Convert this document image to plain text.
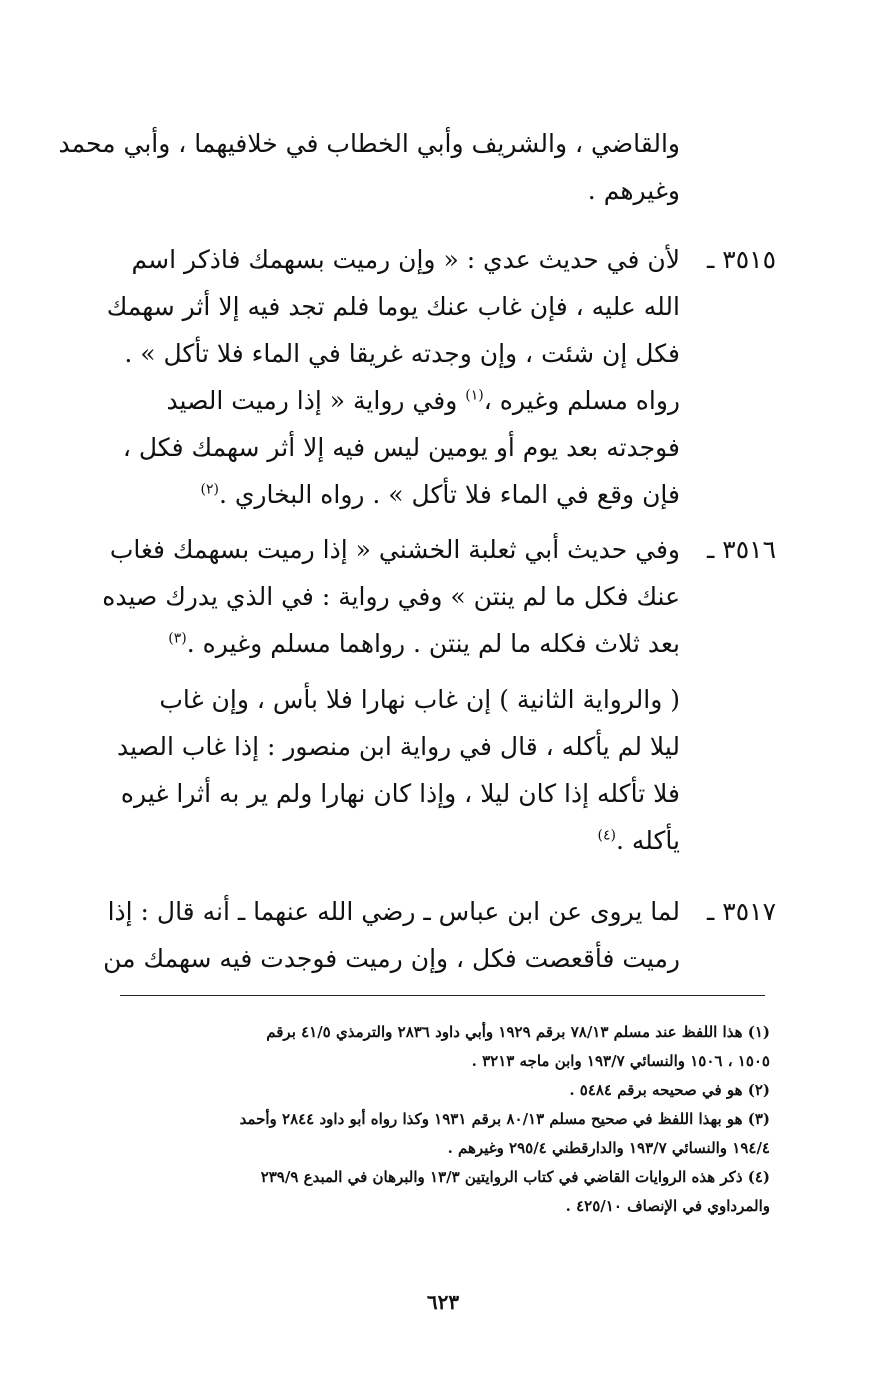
والقاضي ، والشريف وأبي الخطاب في خلافيهما ، وأبي محمد
وغيرهم .
٣٥١٥ ـ
لأن في حديث عدي : « وإن رميت بسهمك فاذكر اسم
الله عليه ، فإن غاب عنك يوما فلم تجد فيه إلا أثر سهمك
فكل إن شئت ، وإن وجدته غريقا في الماء فلا تأكل » .
رواه مسلم وغيره ،$^{(١)}$ وفي رواية « إذا رميت الصيد
فوجدته بعد يوم أو يومين ليس فيه إلا أثر سهمك فكل ،
فإن وقع في الماء فلا تأكل » . رواه البخاري .$^{(٢)}$
٣٥١٦ ـ
وفي حديث أبي ثعلبة الخشني « إذا رميت بسهمك فغاب
عنك فكل ما لم ينتن » وفي رواية : في الذي يدرك صيده
بعد ثلاث فكله ما لم ينتن . رواهما مسلم وغيره .$^{(٣)}$
( والرواية الثانية ) إن غاب نهارا فلا بأس ، وإن غاب
ليلا لم يأكله ، قال في رواية ابن منصور : إذا غاب الصيد
فلا تأكله إذا كان ليلا ، وإذا كان نهارا ولم ير به أثرا غيره
يأكله .$^{(٤)}$
٣٥١٧ ـ
لما يروى عن ابن عباس ـ رضي الله عنهما ـ أنه قال : إذا
رميت فأقعصت فكل ، وإن رميت فوجدت فيه سهمك من
(١) هذا اللفظ عند مسلم ٧٨/١٣ برقم ١٩٢٩ وأبي داود ٢٨٣٦ والترمذي ٤١/٥ برقم
١٥٠٥ ، ١٥٠٦ والنسائي ١٩٣/٧ وابن ماجه ٣٢١٣ .
(٢) هو في صحيحه برقم ٥٤٨٤ .
(٣) هو بهذا اللفظ في صحيح مسلم ٨٠/١٣ برقم ١٩٣١ وكذا رواه أبو داود ٢٨٤٤ وأحمد
١٩٤/٤ والنسائي ١٩٣/٧ والدارقطني ٢٩٥/٤ وغيرهم .
(٤) ذكر هذه الروايات القاضي في كتاب الروايتين ١٣/٣ والبرهان في المبدع ٢٣٩/٩
والمرداوي في الإنصاف ٤٢٥/١٠ .
٦٢٣
